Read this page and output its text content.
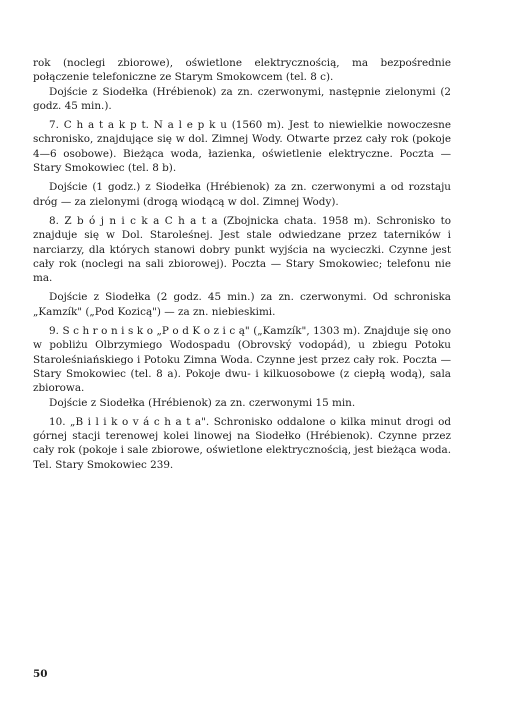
rok (noclegi zbiorowe), oświetlone elektrycznością, ma bezpośrednie połączenie telefoniczne ze Starym Smokowcem (tel. 8 c).

Dojście z Siodełka (Hrébienok) za zn. czerwonymi, następnie zielonymi (2 godz. 45 min.).

7. C h a t a k p t. N a l e p k u (1560 m). Jest to niewielkie nowoczesne schronisko, znajdujące się w dol. Zimnej Wody. Otwarte przez cały rok (pokoje 4—6 osobowe). Bieżąca woda, łazienka, oświetlenie elektryczne. Poczta — Stary Smokowiec (tel. 8 b).

Dojście (1 godz.) z Siodełka (Hrébienok) za zn. czerwonymi a od rozstaju dróg — za zielonymi (drogą wiodącą w dol. Zimnej Wody).

8. Z b ó j n i c k a C h a t a (Zbojnicka chata. 1958 m). Schronisko to znajduje się w Dol. Staroleśnej. Jest stale odwiedzane przez taterników i narciarzy, dla których stanowi dobry punkt wyjścia na wycieczki. Czynne jest cały rok (noclegi na sali zbiorowej). Poczta — Stary Smokowiec; telefonu nie ma.

Dojście z Siodełka (2 godz. 45 min.) za zn. czerwonymi. Od schroniska „Kamzík" („Pod Kozicą") — za zn. niebieskimi.

9. S c h r o n i s k o „P o d K o z i c ą" („Kamzík", 1303 m). Znajduje się ono w pobliżu Olbrzymiego Wodospadu (Obrovský vodopád), u zbiegu Potoku Staroleśniańskiego i Potoku Zimna Woda. Czynne jest przez cały rok. Poczta — Stary Smokowiec (tel. 8 a). Pokoje dwu- i kilkuosobowe (z ciepłą wodą), sala zbiorowa.

Dojście z Siodełka (Hrébienok) za zn. czerwonymi 15 min.

10. „B i l i k o v á c h a t a". Schronisko oddalone o kilka minut drogi od górnej stacji terenowej kolei linowej na Siodełko (Hrébienok). Czynne przez cały rok (pokoje i sale zbiorowe, oświetlone elektrycznością, jest bieżąca woda. Tel. Stary Smokowiec 239.

50
